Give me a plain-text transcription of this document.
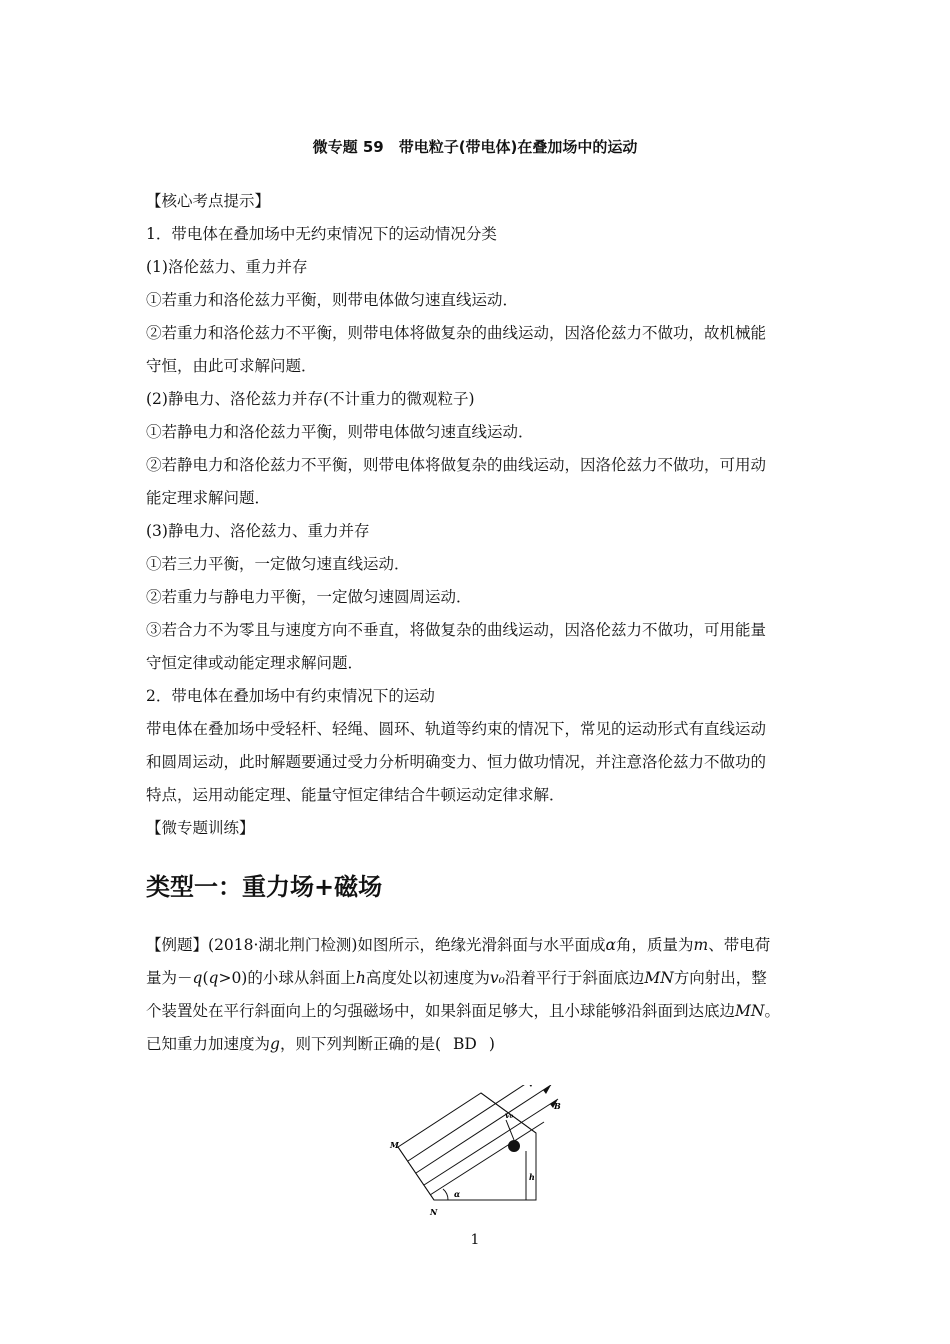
微专题 59　带电粒子(带电体)在叠加场中的运动

【核心考点提示】

1．带电体在叠加场中无约束情况下的运动情况分类

(1)洛伦兹力、重力并存

①若重力和洛伦兹力平衡，则带电体做匀速直线运动．

②若重力和洛伦兹力不平衡，则带电体将做复杂的曲线运动，因洛伦兹力不做功，故机械能

守恒，由此可求解问题．

(2)静电力、洛伦兹力并存(不计重力的微观粒子)

①若静电力和洛伦兹力平衡，则带电体做匀速直线运动．

②若静电力和洛伦兹力不平衡，则带电体将做复杂的曲线运动，因洛伦兹力不做功，可用动

能定理求解问题．

(3)静电力、洛伦兹力、重力并存

①若三力平衡，一定做匀速直线运动．

②若重力与静电力平衡，一定做匀速圆周运动．

③若合力不为零且与速度方向不垂直，将做复杂的曲线运动，因洛伦兹力不做功，可用能量

守恒定律或动能定理求解问题．

2．带电体在叠加场中有约束情况下的运动

带电体在叠加场中受轻杆、轻绳、圆环、轨道等约束的情况下，常见的运动形式有直线运动

和圆周运动，此时解题要通过受力分析明确变力、恒力做功情况，并注意洛伦兹力不做功的

特点，运用动能定理、能量守恒定律结合牛顿运动定律求解．

【微专题训练】

类型一：重力场+磁场

【例题】(2018·湖北荆门检测)如图所示，绝缘光滑斜面与水平面成α角，质量为m、带电荷

量为－q(q>0)的小球从斜面上h高度处以初速度为v₀沿着平行于斜面底边MN方向射出，整

个装置处在平行斜面向上的匀强磁场中，如果斜面足够大，且小球能够沿斜面到达底边MN。

已知重力加速度为g，则下列判断正确的是( BD )

M
N
B
α
h
v₀
1
